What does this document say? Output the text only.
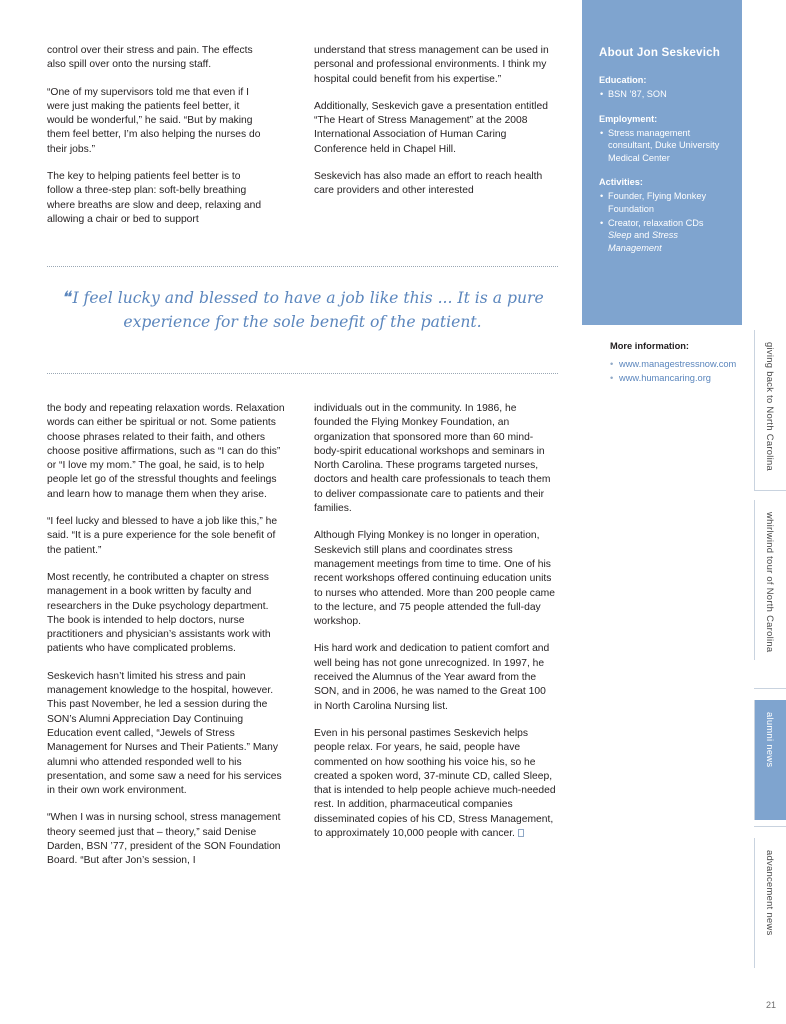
control over their stress and pain. The effects also spill over onto the nursing staff.

“One of my supervisors told me that even if I were just making the patients feel better, it would be wonderful,” he said. “But by making them feel better, I’m also helping the nurses do their jobs.”

The key to helping patients feel better is to follow a three-step plan: soft-belly breathing where breaths are slow and deep, relaxing and allowing a chair or bed to support

understand that stress management can be used in personal and professional environments. I think my hospital could benefit from his expertise.”

Additionally, Seskevich gave a presentation entitled “The Heart of Stress Management” at the 2008 International Association of Human Caring Conference held in Chapel Hill.

Seskevich has also made an effort to reach health care providers and other interested

❝ I feel lucky and blessed to have a job like this ... It is a pure experience for the sole benefit of the patient.

the body and repeating relaxation words. Relaxation words can either be spiritual or not. Some patients choose phrases related to their faith, and others choose positive affirmations, such as “I can do this” or “I love my mom.” The goal, he said, is to help people let go of the stressful thoughts and feelings and learn how to manage them when they arise.

“I feel lucky and blessed to have a job like this,” he said. “It is a pure experience for the sole benefit of the patient.”

Most recently, he contributed a chapter on stress management in a book written by faculty and researchers in the Duke psychology department. The book is intended to help doctors, nurse practitioners and physician’s assistants work with patients who have complicated problems.

Seskevich hasn’t limited his stress and pain management knowledge to the hospital, however. This past November, he led a session during the SON’s Alumni Appreciation Day Continuing Education event called, “Jewels of Stress Management for Nurses and Their Patients.” Many alumni who attended responded well to his presentation, and some saw a need for his services in their own work environment.

“When I was in nursing school, stress management theory seemed just that – theory,” said Denise Darden, BSN ’77, president of the SON Foundation Board. “But after Jon’s session, I

individuals out in the community. In 1986, he founded the Flying Monkey Foundation, an organization that sponsored more than 60 mind-body-spirit educational workshops and seminars in North Carolina. These programs targeted nurses, doctors and health care professionals to teach them to deliver compassionate care to patients and their families.

Although Flying Monkey is no longer in operation, Seskevich still plans and coordinates stress management meetings from time to time. One of his recent workshops offered continuing education units to nurses who attended. More than 200 people came to the lecture, and 75 people attended the full-day workshop.

His hard work and dedication to patient comfort and well being has not gone unrecognized. In 1997, he received the Alumnus of the Year award from the SON, and in 2006, he was named to the Great 100 in North Carolina Nursing list.

Even in his personal pastimes Seskevich helps people relax. For years, he said, people have commented on how soothing his voice his, so he created a spoken word, 37-minute CD, called Sleep, that is intended to help people achieve much-needed rest. In addition, pharmaceutical companies disseminated copies of his CD, Stress Management, to approximately 10,000 people with cancer.

About Jon Seskevich
Education:
• BSN ’87, SON
Employment:
• Stress management consultant, Duke University Medical Center
Activities:
• Founder, Flying Monkey Foundation
• Creator, relaxation CDs Sleep and Stress Management
More information:
• www.managestressnow.com
• www.humancaring.org	giving back to North Carolina
whirlwind tour of North Carolina
alumni news
advancement news
21
